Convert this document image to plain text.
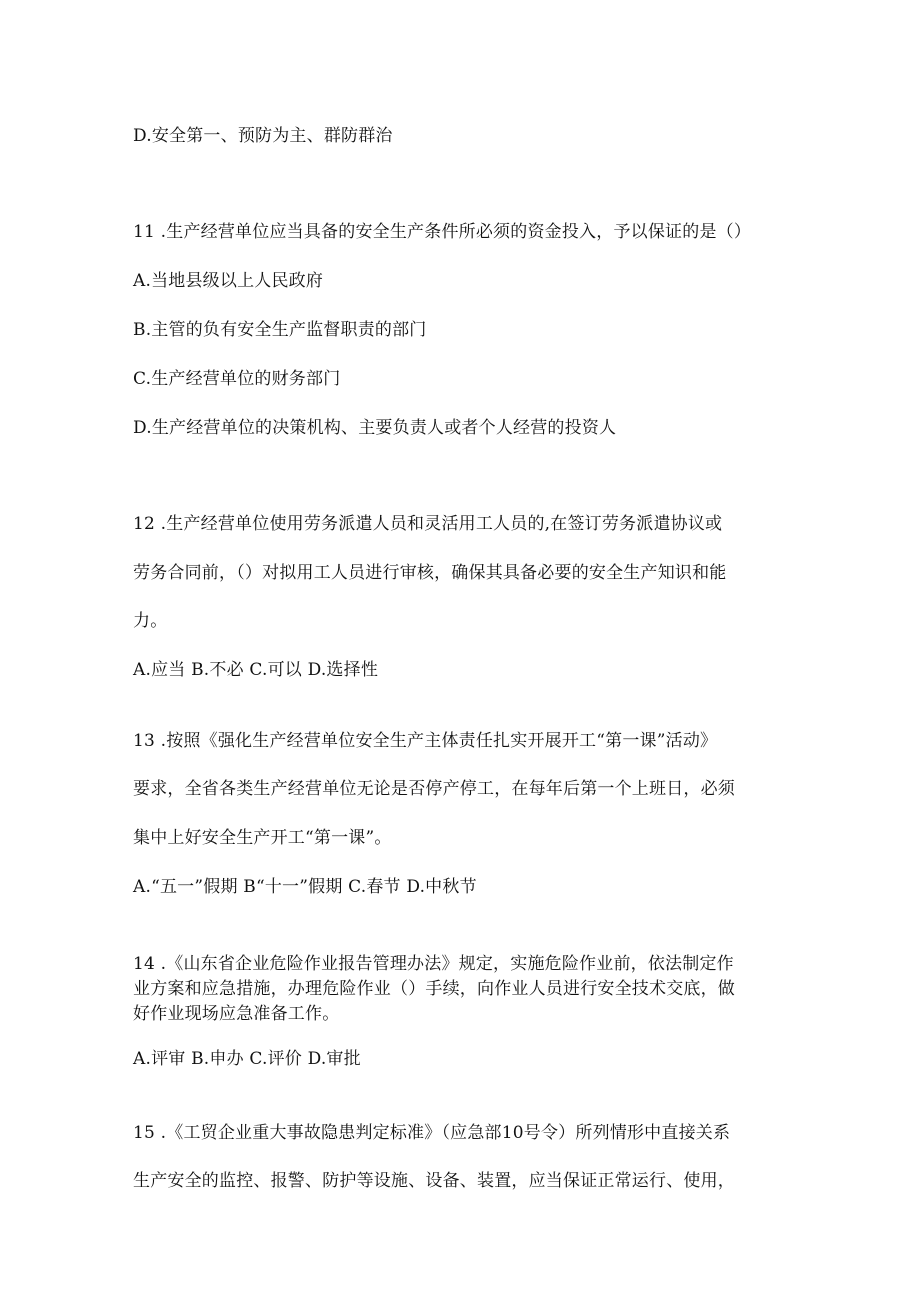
D.安全第一、预防为主、群防群治
11 .生产经营单位应当具备的安全生产条件所必须的资金投入，予以保证的是（）
A.当地县级以上人民政府
B.主管的负有安全生产监督职责的部门
C.生产经营单位的财务部门
D.生产经营单位的决策机构、主要负责人或者个人经营的投资人
12 .生产经营单位使用劳务派遣人员和灵活用工人员的,在签订劳务派遣协议或
劳务合同前，（）对拟用工人员进行审核，确保其具备必要的安全生产知识和能
力。
A.应当 B.不必 C.可以 D.选择性
13 .按照《强化生产经营单位安全生产主体责任扎实开展开工“第一课”活动》
要求，全省各类生产经营单位无论是否停产停工，在每年后第一个上班日，必须
集中上好安全生产开工“第一课”。
A.“五一”假期 B“十一”假期 C.春节 D.中秋节
14 .《山东省企业危险作业报告管理办法》规定，实施危险作业前，依法制定作
业方案和应急措施，办理危险作业（）手续，向作业人员进行安全技术交底，做
好作业现场应急准备工作。
A.评审 B.申办 C.评价 D.审批
15 .《工贸企业重大事故隐患判定标准》（应急部10号令）所列情形中直接关系
生产安全的监控、报警、防护等设施、设备、装置，应当保证正常运行、使用，
